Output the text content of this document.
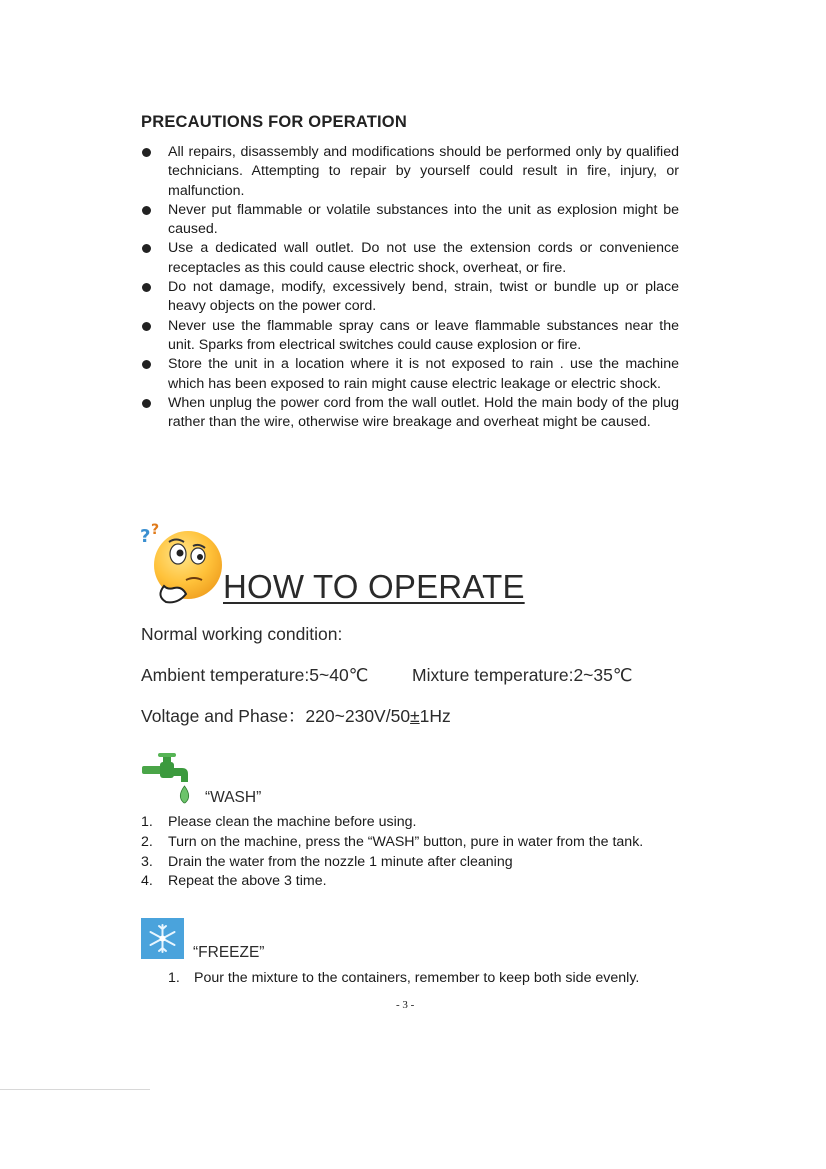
PRECAUTIONS FOR OPERATION
All repairs, disassembly and modifications should be performed only by qualified technicians. Attempting to repair by yourself could result in fire, injury, or malfunction.
Never put flammable or volatile substances into the unit as explosion might be caused.
Use a dedicated wall outlet. Do not use the extension cords or convenience receptacles as this could cause electric shock, overheat, or fire.
Do not damage, modify, excessively bend, strain, twist or bundle up or place heavy objects on the power cord.
Never use the flammable spray cans or leave flammable substances near the unit. Sparks from electrical switches could cause explosion or fire.
Store the unit in a location where it is not exposed to rain . use the machine which has been exposed to rain might cause electric leakage or electric shock.
When unplug the power cord from the wall outlet. Hold the main body of the plug rather than the wire, otherwise wire breakage and overheat might be caused.
? ?
HOW TO OPERATE
Normal working condition:
Ambient temperature:5~40℃ Mixture temperature:2~35℃
Voltage and Phase：220~230V/50±1Hz
“WASH”
1.	Please clean the machine before using.
2.	Turn on the machine, press the “WASH” button, pure in water from the tank.
3.	Drain the water from the nozzle 1 minute after cleaning
4.	Repeat the above 3 time.
“FREEZE”
1. Pour the mixture to the containers, remember to keep both side evenly.
- 3 -
